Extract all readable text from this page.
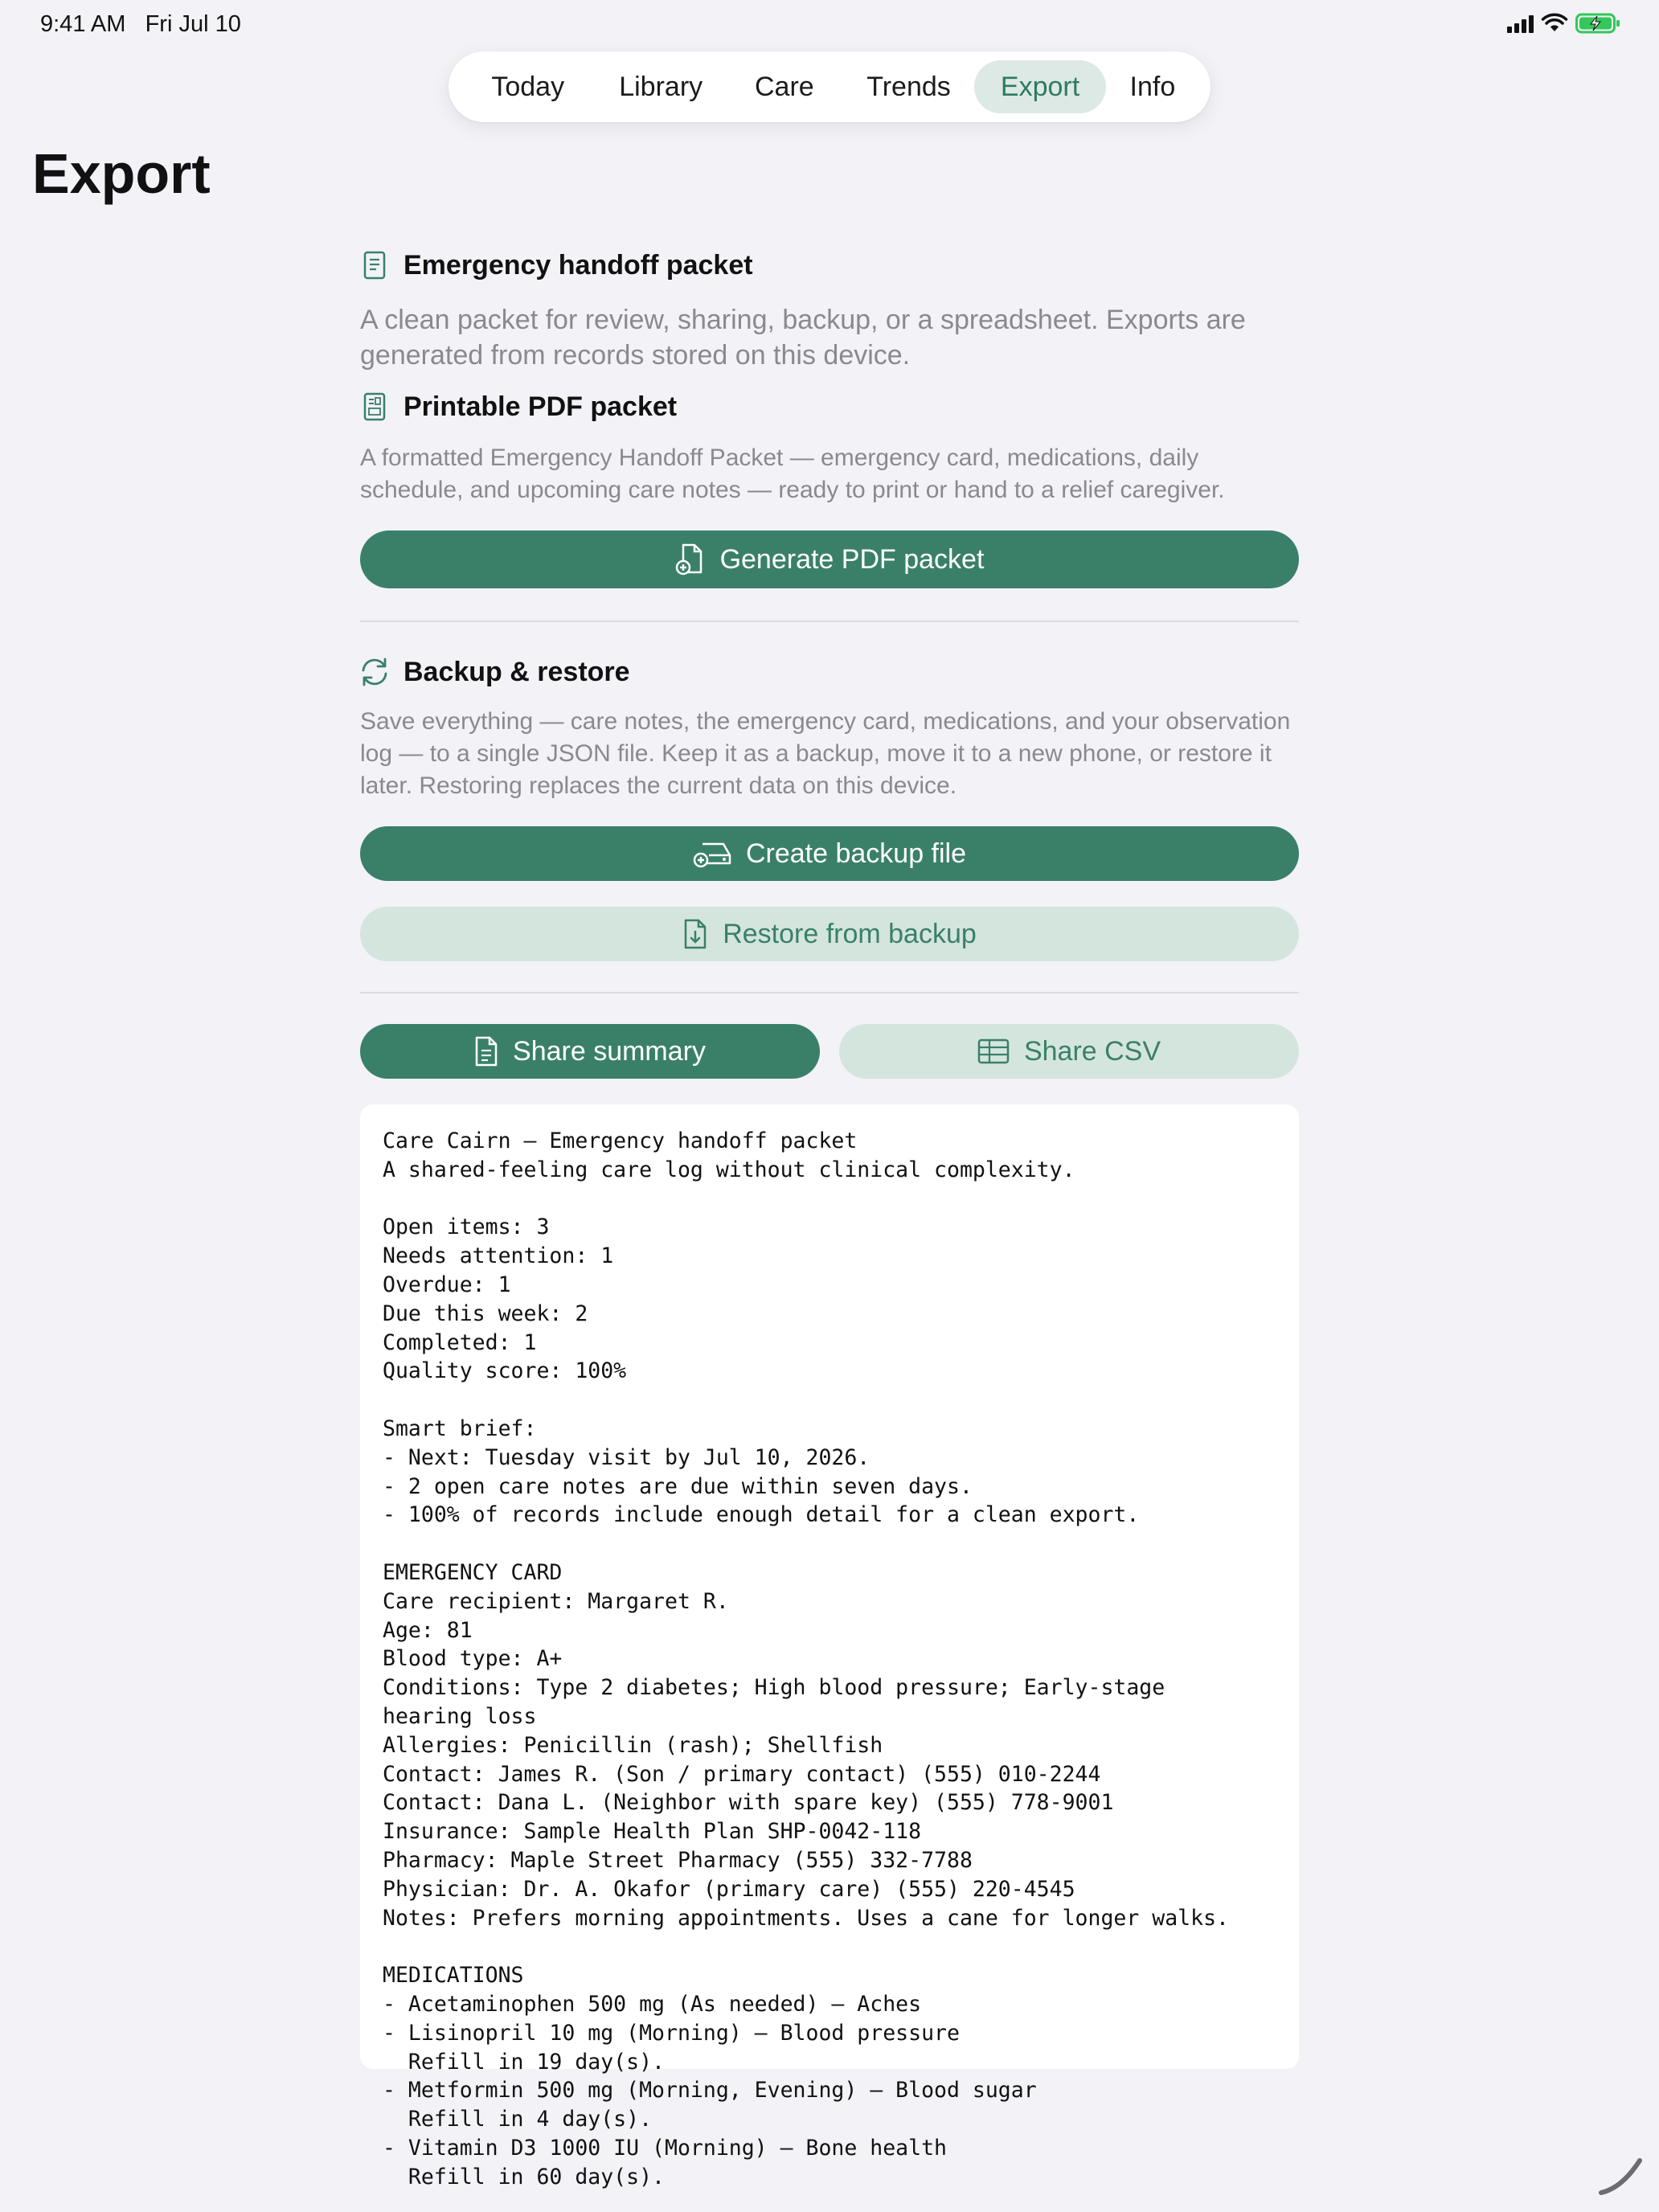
9:41 AM Fri Jul 10
Today	Library	Care	Trends	Export	Info
Export
Emergency handoff packet

A clean packet for review, sharing, backup, or a spreadsheet. Exports are generated from records stored on this device.

Printable PDF packet

A formatted Emergency Handoff Packet — emergency card, medications, daily schedule, and upcoming care notes — ready to print or hand to a relief caregiver.

Generate PDF packet
Backup & restore

Save everything — care notes, the emergency card, medications, and your observation log — to a single JSON file. Keep it as a backup, move it to a new phone, or restore it later. Restoring replaces the current data on this device.

Create backup file
Restore from backup
Share summary	Share CSV
Care Cairn — Emergency handoff packet
A shared-feeling care log without clinical complexity.
Open items: 3
Needs attention: 1
Overdue: 1
Due this week: 2
Completed: 1
Quality score: 100%
Smart brief:
- Next: Tuesday visit by Jul 10, 2026.
- 2 open care notes are due within seven days.
- 100% of records include enough detail for a clean export.
EMERGENCY CARD
Care recipient: Margaret R.
Age: 81
Blood type: A+
Conditions: Type 2 diabetes; High blood pressure; Early-stage
hearing loss
Allergies: Penicillin (rash); Shellfish
Contact: James R. (Son / primary contact) (555) 010-2244
Contact: Dana L. (Neighbor with spare key) (555) 778-9001
Insurance: Sample Health Plan SHP-0042-118
Pharmacy: Maple Street Pharmacy (555) 332-7788
Physician: Dr. A. Okafor (primary care) (555) 220-4545
Notes: Prefers morning appointments. Uses a cane for longer walks.
MEDICATIONS
- Acetaminophen 500 mg (As needed) — Aches
- Lisinopril 10 mg (Morning) — Blood pressure
Refill in 19 day(s).
- Metformin 500 mg (Morning, Evening) — Blood sugar
Refill in 4 day(s).
- Vitamin D3 1000 IU (Morning) — Bone health
Refill in 60 day(s).
